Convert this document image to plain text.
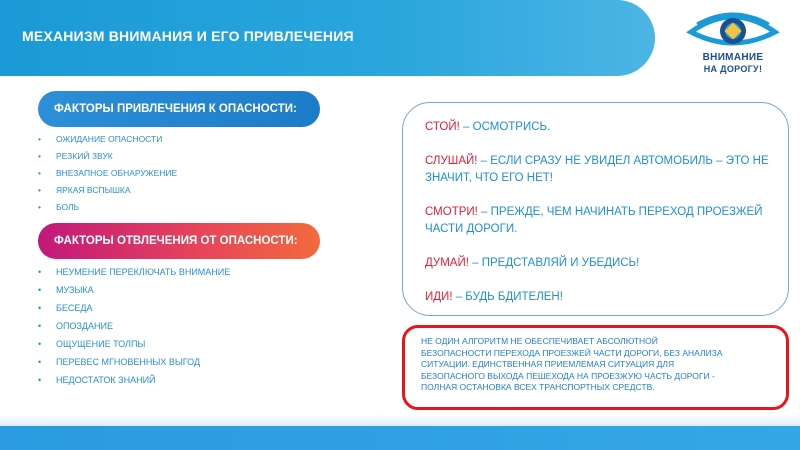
МЕХАНИЗМ ВНИМАНИЯ И ЕГО ПРИВЛЕЧЕНИЯ
ВНИМАНИЕ
НА ДОРОГУ!
ФАКТОРЫ ПРИВЛЕЧЕНИЯ К ОПАСНОСТИ:
• ОЖИДАНИЕ ОПАСНОСТИ
• РЕЗКИЙ ЗВУК
• ВНЕЗАПНОЕ ОБНАРУЖЕНИЕ
• ЯРКАЯ ВСПЫШКА
• БОЛЬ
ФАКТОРЫ ОТВЛЕЧЕНИЯ ОТ ОПАСНОСТИ:
• НЕУМЕНИЕ ПЕРЕКЛЮЧАТЬ ВНИМАНИЕ
• МУЗЫКА
• БЕСЕДА
• ОПОЗДАНИЕ
• ОЩУЩЕНИЕ ТОЛПЫ
• ПЕРЕВЕС МГНОВЕННЫХ ВЫГОД
• НЕДОСТАТОК ЗНАНИЙ

СТОЙ! – ОСМОТРИСЬ.

СЛУШАЙ! – ЕСЛИ СРАЗУ НЕ УВИДЕЛ АВТОМОБИЛЬ – ЭТО НЕ ЗНАЧИТ, ЧТО ЕГО НЕТ!

СМОТРИ! – ПРЕЖДЕ, ЧЕМ НАЧИНАТЬ ПЕРЕХОД ПРОЕЗЖЕЙ ЧАСТИ ДОРОГИ.

ДУМАЙ! – ПРЕДСТАВЛЯЙ И УБЕДИСЬ!

ИДИ! – БУДЬ БДИТЕЛЕН!

НЕ ОДИН АЛГОРИТМ НЕ ОБЕСПЕЧИВАЕТ АБСОЛЮТНОЙ
БЕЗОПАСНОСТИ ПЕРЕХОДА ПРОЕЗЖЕЙ ЧАСТИ ДОРОГИ, БЕЗ АНАЛИЗА
СИТУАЦИИ. ЕДИНСТВЕННАЯ ПРИЕМЛЕМАЯ СИТУАЦИЯ ДЛЯ
БЕЗОПАСНОГО ВЫХОДА ПЕШЕХОДА НА ПРОЕЗЖУЮ ЧАСТЬ ДОРОГИ -
ПОЛНАЯ ОСТАНОВКА ВСЕХ ТРАНСПОРТНЫХ СРЕДСТВ.
